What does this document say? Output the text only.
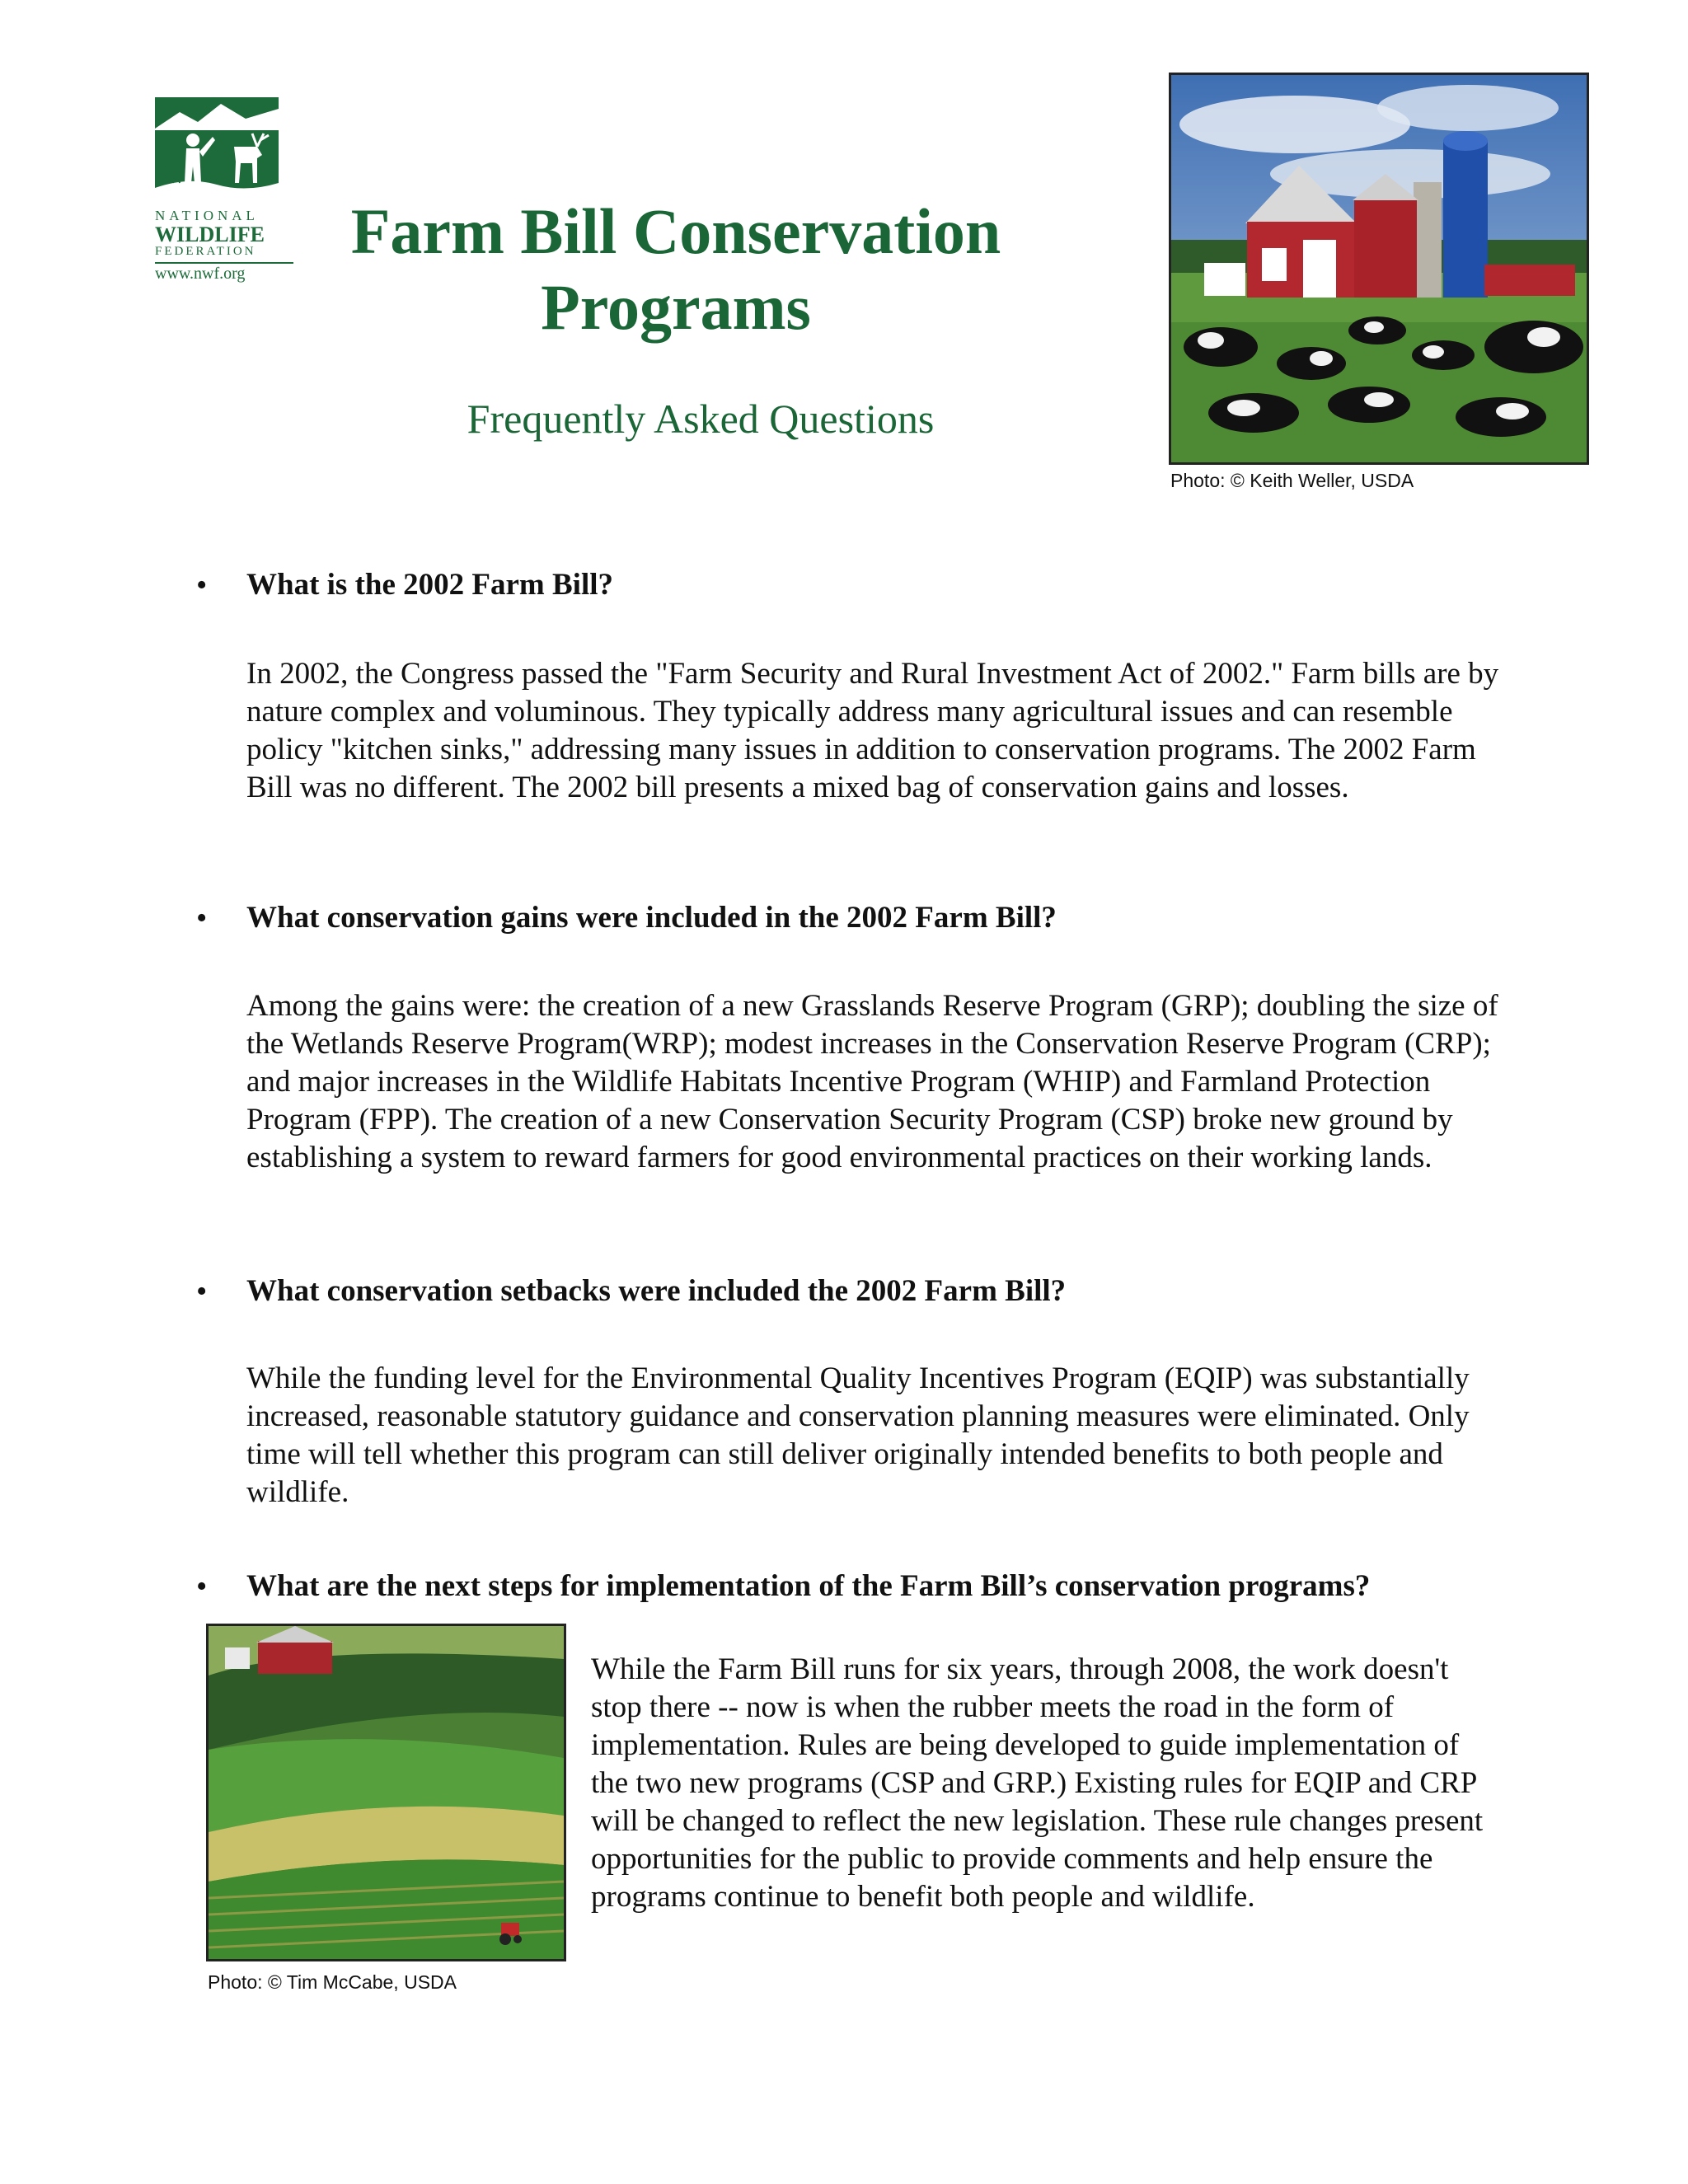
NATIONAL
WILDLIFE
FEDERATION
www.nwf.org
Farm Bill Conservation
Programs
Frequently Asked Questions
Photo: © Keith Weller, USDA
• What is the 2002 Farm Bill?
In 2002, the Congress passed the "Farm Security and Rural Investment Act of 2002." Farm bills are by nature complex and voluminous. They typically address many agricultural issues and can resemble policy "kitchen sinks," addressing many issues in addition to conservation programs. The 2002 Farm Bill was no different. The 2002 bill presents a mixed bag of conservation gains and losses.
• What conservation gains were included in the 2002 Farm Bill?
Among the gains were: the creation of a new Grasslands Reserve Program (GRP); doubling the size of the Wetlands Reserve Program(WRP); modest increases in the Conservation Reserve Program (CRP); and major increases in the Wildlife Habitats Incentive Program (WHIP) and Farmland Protection Program (FPP). The creation of a new Conservation Security Program (CSP) broke new ground by establishing a system to reward farmers for good environmental practices on their working lands.
• What conservation setbacks were included the 2002 Farm Bill?
While the funding level for the Environmental Quality Incentives Program (EQIP) was substantially increased, reasonable statutory guidance and conservation planning measures were eliminated. Only time will tell whether this program can still deliver originally intended benefits to both people and wildlife.
• What are the next steps for implementation of the Farm Bill’s conservation programs?
Photo: © Tim McCabe, USDA
While the Farm Bill runs for six years, through 2008, the work doesn't stop there -- now is when the rubber meets the road in the form of implementation. Rules are being developed to guide implementation of the two new programs (CSP and GRP.) Existing rules for EQIP and CRP will be changed to reflect the new legislation. These rule changes present opportunities for the public to provide comments and help ensure the programs continue to benefit both people and wildlife.
